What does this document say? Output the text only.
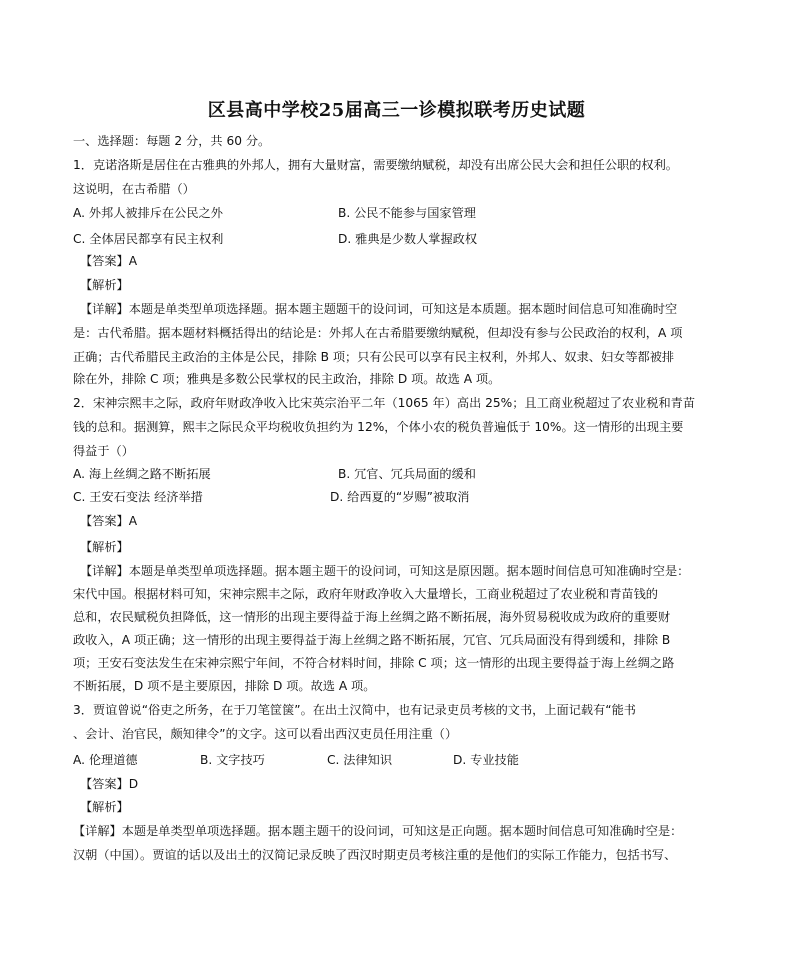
区县高中学校25届高三一诊模拟联考历史试题
一、选择题：每题 2 分，共 60 分。
1．克诺洛斯是居住在古雅典的外邦人，拥有大量财富，需要缴纳赋税，却没有出席公民大会和担任公职的权利。
这说明，在古希腊（）
A. 外邦人被排斥在公民之外	B. 公民不能参与国家管理
C. 全体居民都享有民主权利	D. 雅典是少数人掌握政权
【答案】A
【解析】
【详解】本题是单类型单项选择题。据本题主题题干的设问词，可知这是本质题。据本题时间信息可知准确时空
是：古代希腊。据本题材料概括得出的结论是：外邦人在古希腊要缴纳赋税，但却没有参与公民政治的权利，A 项
正确；古代希腊民主政治的主体是公民，排除 B 项；只有公民可以享有民主权利，外邦人、奴隶、妇女等都被排
除在外，排除 C 项；雅典是多数公民掌权的民主政治，排除 D 项。故选 A 项。
2．宋神宗熙丰之际，政府年财政净收入比宋英宗治平二年（1065 年）高出 25%；且工商业税超过了农业税和青苗
钱的总和。据测算，熙丰之际民众平均税收负担约为 12%，个体小农的税负普遍低于 10%。这一情形的出现主要
得益于（）
A. 海上丝绸之路不断拓展	B. 冗官、冗兵局面的缓和
C. 王安石变法 经济举措	D. 给西夏的“岁赐”被取消
【答案】A
【解析】
【详解】本题是单类型单项选择题。据本题主题干的设问词，可知这是原因题。据本题时间信息可知准确时空是：
宋代中国。根据材料可知，宋神宗熙丰之际，政府年财政净收入大量增长，工商业税超过了农业税和青苗钱的
总和，农民赋税负担降低，这一情形的出现主要得益于海上丝绸之路不断拓展，海外贸易税收成为政府的重要财
政收入，A 项正确；这一情形的出现主要得益于海上丝绸之路不断拓展，冗官、冗兵局面没有得到缓和，排除 B
项；王安石变法发生在宋神宗熙宁年间，不符合材料时间，排除 C 项；这一情形的出现主要得益于海上丝绸之路
不断拓展，D 项不是主要原因，排除 D 项。故选 A 项。
3．贾谊曾说“俗吏之所务，在于刀笔筐箧”。在出土汉简中，也有记录吏员考核的文书，上面记载有“能书
、会计、治官民，颇知律令”的文字。这可以看出西汉吏员任用注重（）
A. 伦理道德	B. 文字技巧	C. 法律知识	D. 专业技能
【答案】D
【解析】
【详解】本题是单类型单项选择题。据本题主题干的设问词，可知这是正向题。据本题时间信息可知准确时空是：
汉朝（中国）。贾谊的话以及出土的汉简记录反映了西汉时期吏员考核注重的是他们的实际工作能力，包括书写、
